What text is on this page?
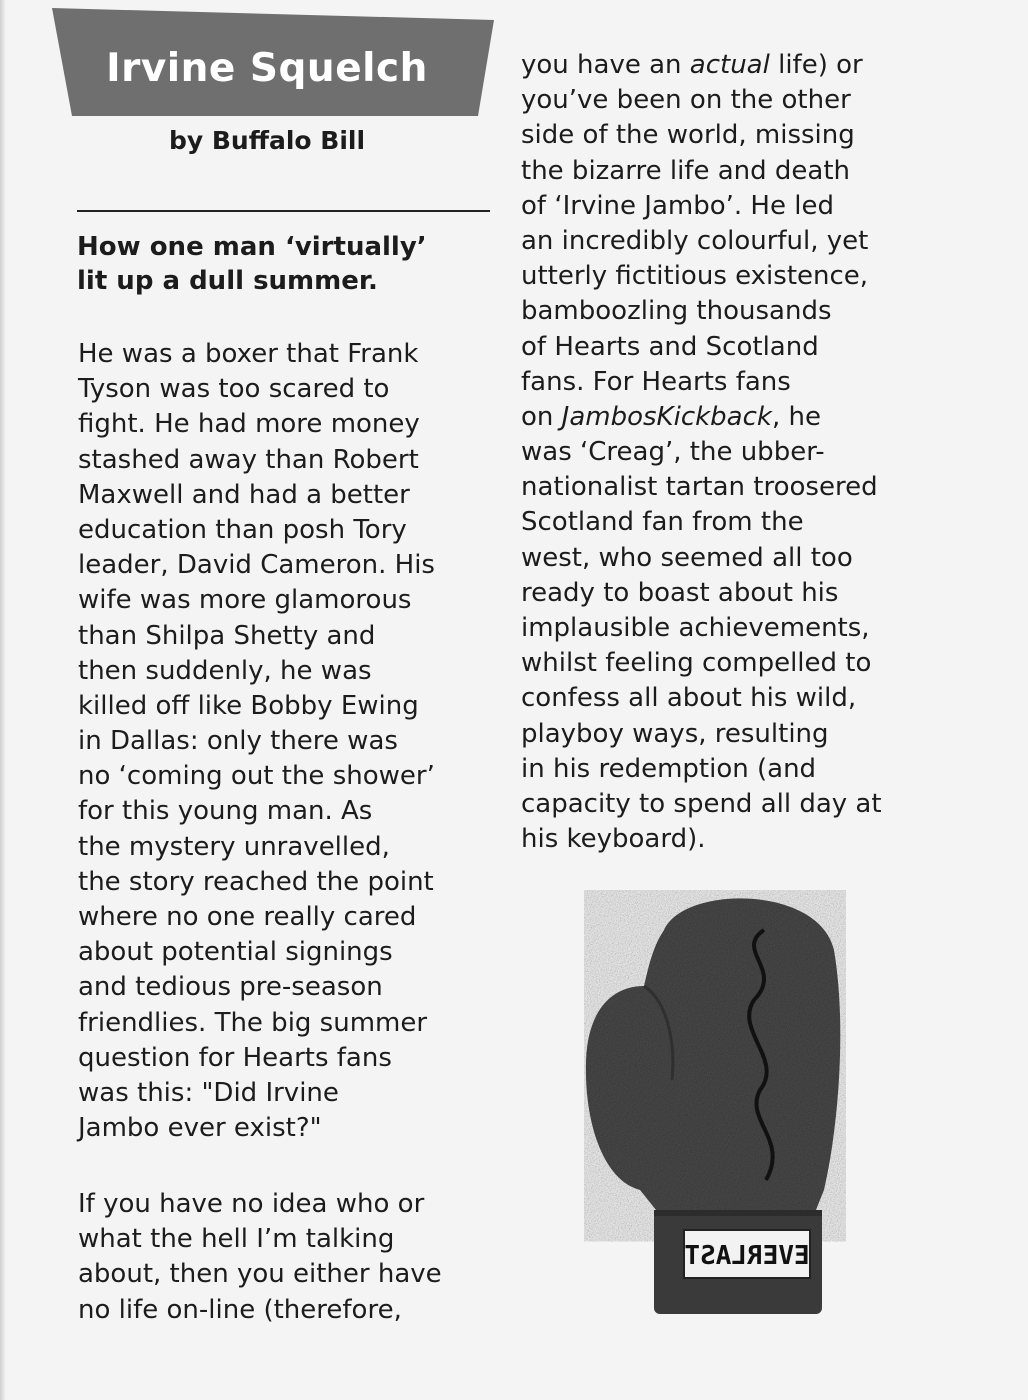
Irvine Squelch
by Buffalo Bill
How one man ‘virtually’
lit up a dull summer.
He was a boxer that Frank
Tyson was too scared to
fight. He had more money
stashed away than Robert
Maxwell and had a better
education than posh Tory
leader, David Cameron. His
wife was more glamorous
than Shilpa Shetty and
then suddenly, he was
killed off like Bobby Ewing
in Dallas: only there was
no ‘coming out the shower’
for this young man. As
the mystery unravelled,
the story reached the point
where no one really cared
about potential signings
and tedious pre-season
friendlies. The big summer
question for Hearts fans
was this: "Did Irvine
Jambo ever exist?"
If you have no idea who or
what the hell I’m talking
about, then you either have
no life on-line (therefore,
you have an actual life) or
you’ve been on the other
side of the world, missing
the bizarre life and death
of ‘Irvine Jambo’. He led
an incredibly colourful, yet
utterly fictitious existence,
bamboozling thousands
of Hearts and Scotland
fans. For Hearts fans
on JambosKickback, he
was ‘Creag’, the ubber-
nationalist tartan troosered
Scotland fan from the
west, who seemed all too
ready to boast about his
implausible achievements,
whilst feeling compelled to
confess all about his wild,
playboy ways, resulting
in his redemption (and
capacity to spend all day at
his keyboard).
EVERLAST
